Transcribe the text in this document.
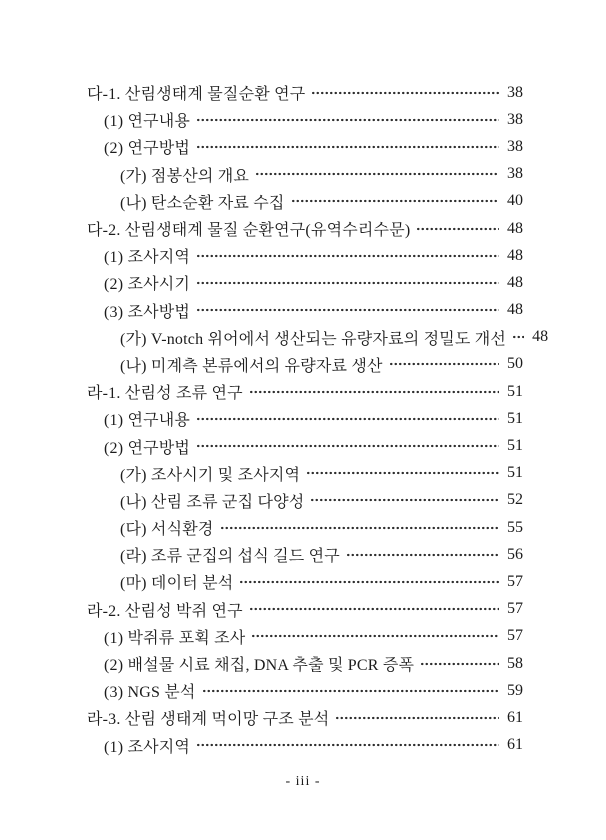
다-1. 산림생태계 물질순환 연구	38
(1) 연구내용	38
(2) 연구방법	38
(가) 점봉산의 개요	38
(나) 탄소순환 자료 수집	40
다-2. 산림생태계 물질 순환연구(유역수리수문)	48
(1) 조사지역	48
(2) 조사시기	48
(3) 조사방법	48
(가) V-notch 위어에서 생산되는 유량자료의 정밀도 개선 48
(나) 미계측 본류에서의 유량자료 생산	50
라-1. 산림성 조류 연구	51
(1) 연구내용	51
(2) 연구방법	51
(가) 조사시기 및 조사지역	51
(나) 산림 조류 군집 다양성	52
(다) 서식환경	55
(라) 조류 군집의 섭식 길드 연구	56
(마) 데이터 분석	57
라-2. 산림성 박쥐 연구	57
(1) 박쥐류 포획 조사	57
(2) 배설물 시료 채집, DNA 추출 및 PCR 증폭	58
(3) NGS 분석	59
라-3. 산림 생태계 먹이망 구조 분석	61
(1) 조사지역	61
- iii -
